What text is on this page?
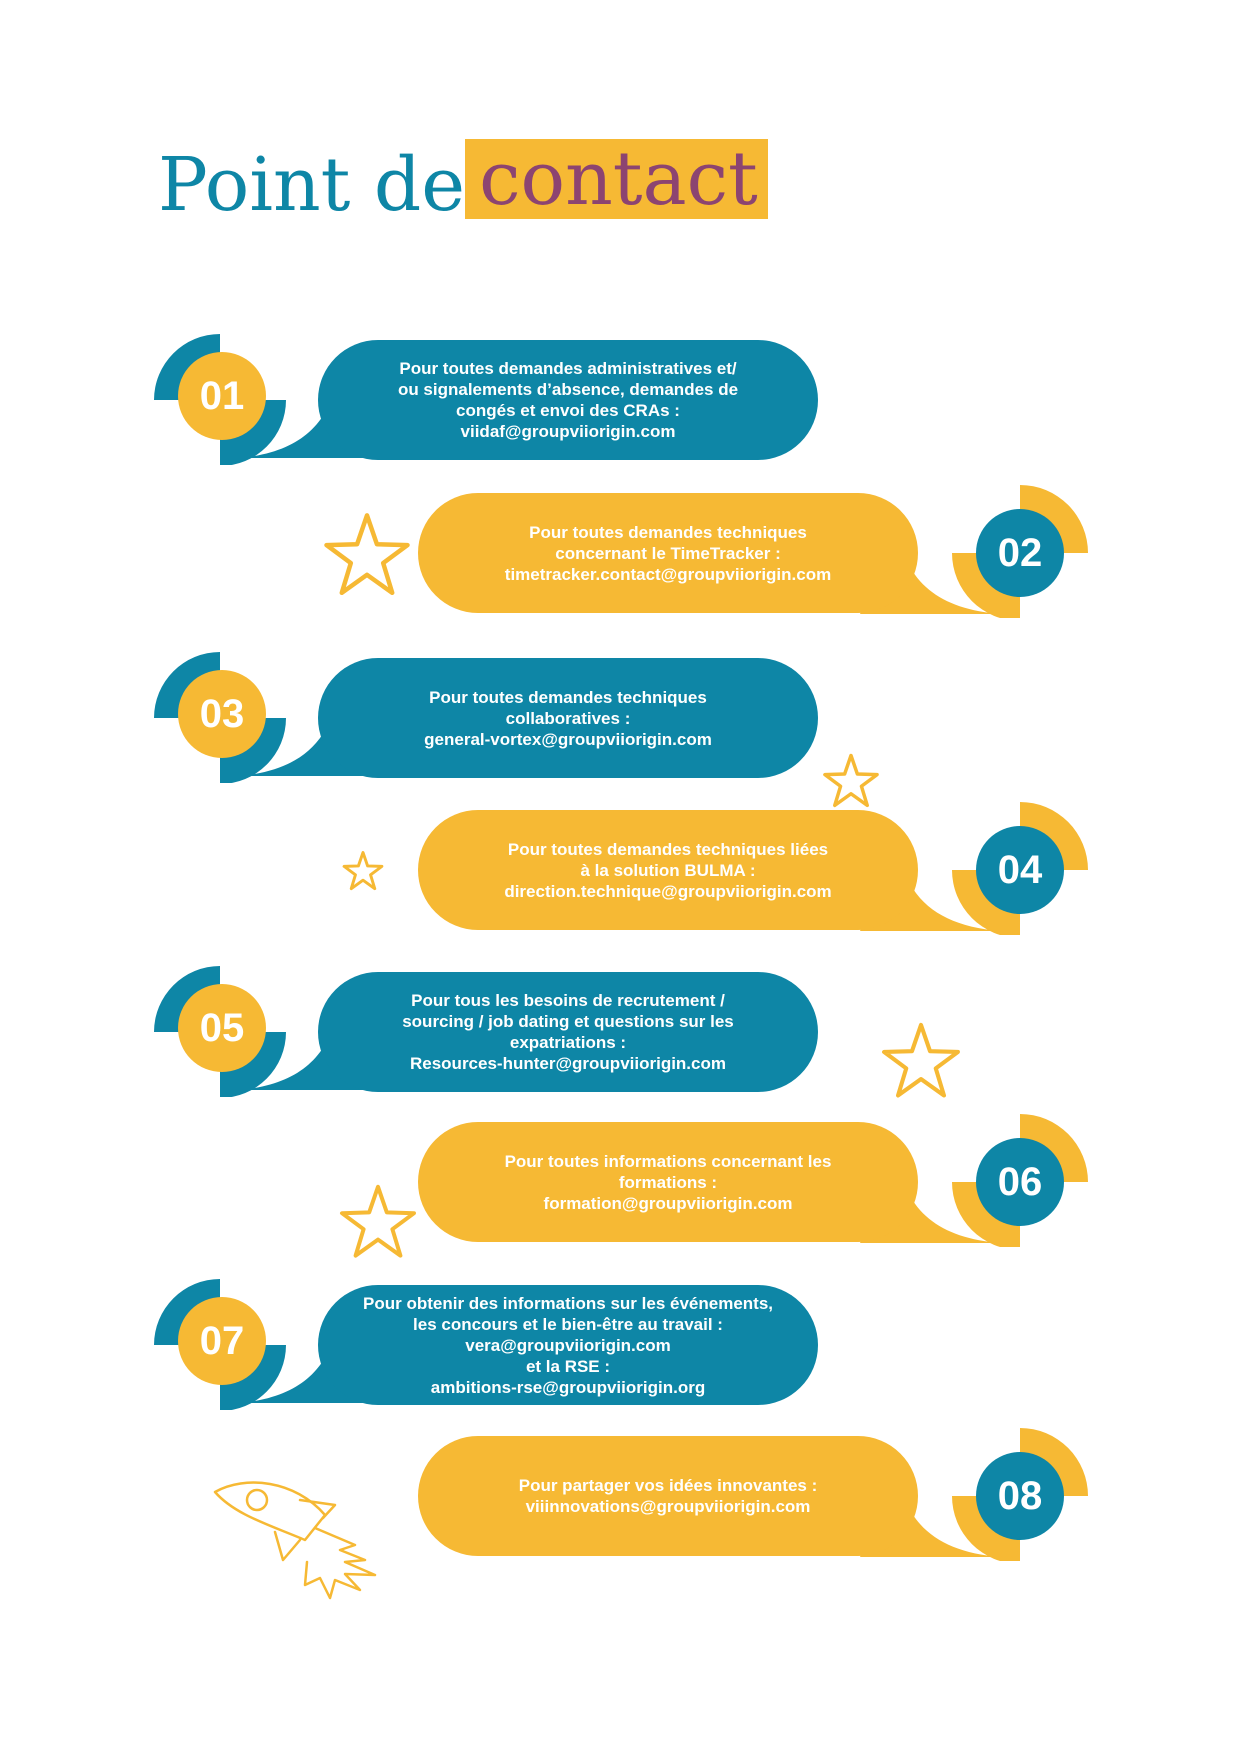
Point de contact
01
Pour toutes demandes administratives et/
ou signalements d’absence, demandes de
congés et envoi des CRAs :
viidaf@groupviiorigin.com
02
Pour toutes demandes techniques
concernant le TimeTracker :
timetracker.contact@groupviiorigin.com
03	Pour toutes demandes techniques
collaboratives :
general-vortex@groupviiorigin.com
04
Pour toutes demandes techniques liées
à la solution BULMA :
direction.technique@groupviiorigin.com
05
Pour tous les besoins de recrutement /
sourcing / job dating et questions sur les
expatriations :
Resources-hunter@groupviiorigin.com
06
Pour toutes informations concernant les
formations :
formation@groupviiorigin.com
07
Pour obtenir des informations sur les événements,
les concours et le bien-être au travail :
vera@groupviiorigin.com
et la RSE :
ambitions-rse@groupviiorigin.org
08
Pour partager vos idées innovantes :
viiinnovations@groupviiorigin.com
